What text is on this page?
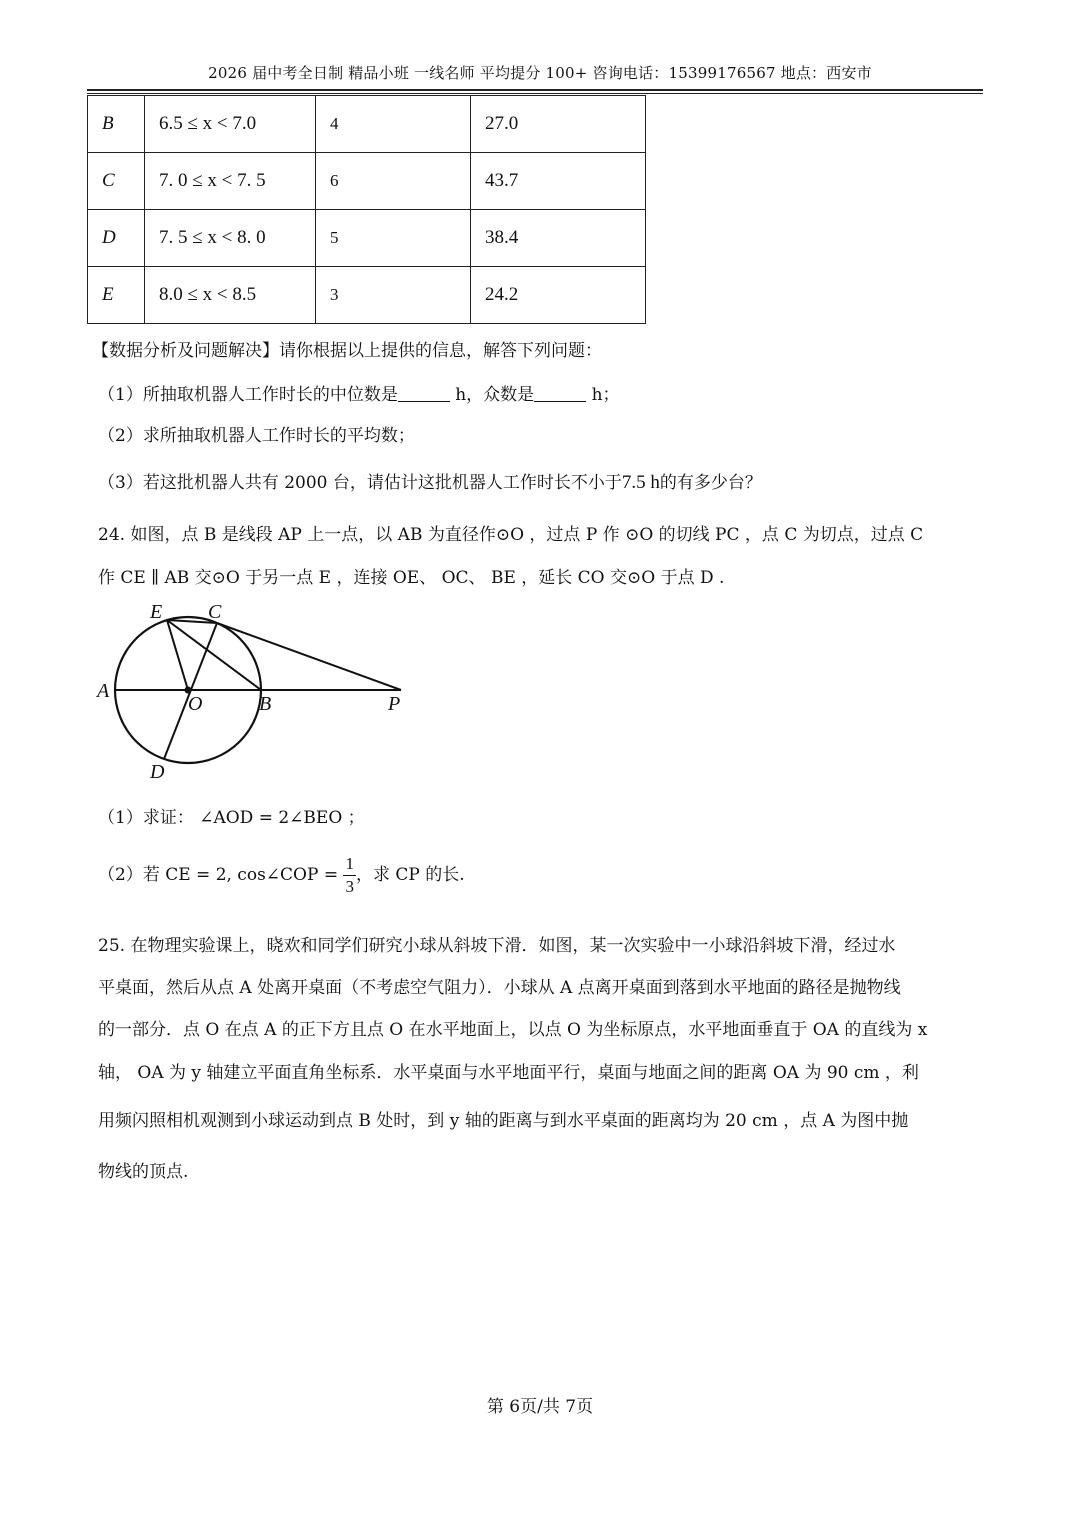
2026 届中考全日制 精品小班 一线名师 平均提分 100+ 咨询电话：15399176567 地点：西安市
B	6.5 ≤ x < 7.0	4	27.0
C	7. 0 ≤ x < 7. 5	6	43.7
D	7. 5 ≤ x < 8. 0	5	38.4
E	8.0 ≤ x < 8.5	3	24.2
【数据分析及问题解决】请你根据以上提供的信息，解答下列问题：
（1）所抽取机器人工作时长的中位数是	h，众数是	h；
（2）求所抽取机器人工作时长的平均数；
（3）若这批机器人共有 2000 台，请估计这批机器人工作时长不小于7.5 h的有多少台？
24. 如图，点 B 是线段 AP 上一点，以 AB 为直径作⊙O ，过点 P 作 ⊙O 的切线 PC ，点 C 为切点，过点 C
作 CE ∥ AB 交⊙O 于另一点 E ，连接 OE、 OC、 BE ，延长 CO 交⊙O 于点 D .
E C
A
O	B	P
D
（1）求证： ∠AOD = 2∠BEO ；
（2）若 CE = 2, cos∠COP = $\frac{1}{3}$ ，求 CP 的长.
25. 在物理实验课上，晓欢和同学们研究小球从斜坡下滑．如图，某一次实验中一小球沿斜坡下滑，经过水
平桌面，然后从点 A 处离开桌面（不考虑空气阻力）．小球从 A 点离开桌面到落到水平地面的路径是抛物线
的一部分．点 O 在点 A 的正下方且点 O 在水平地面上，以点 O 为坐标原点，水平地面垂直于 OA 的直线为 x
轴， OA 为 y 轴建立平面直角坐标系．水平桌面与水平地面平行，桌面与地面之间的距离 OA 为 90 cm ，利
用频闪照相机观测到小球运动到点 B 处时，到 y 轴的距离与到水平桌面的距离均为 20 cm ，点 A 为图中抛
物线的顶点.
第 6页/共 7页
